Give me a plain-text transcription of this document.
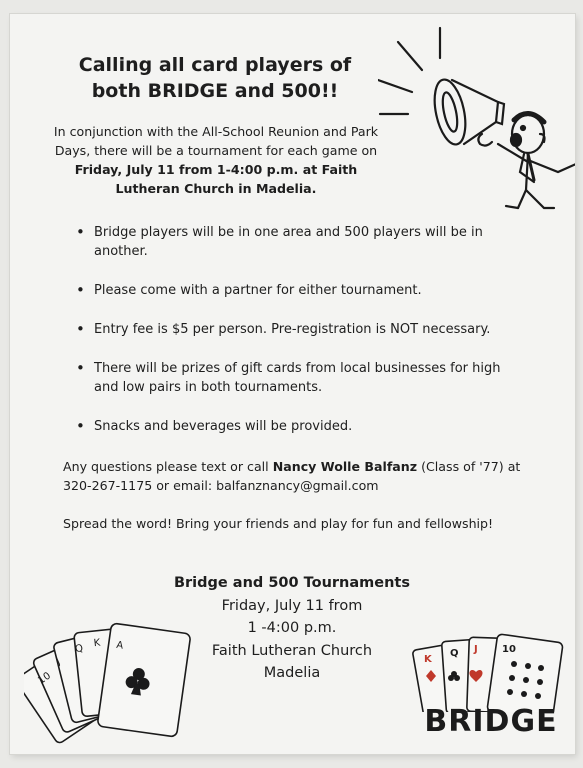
Calling all card players of
both BRIDGE and 500!!
In conjunction with the All-School Reunion and Park Days, there will be a tournament for each game on Friday, July 11 from 1-4:00 p.m. at Faith Lutheran Church in Madelia.
• Bridge players will be in one area and 500 players will be in another.
• Please come with a partner for either tournament.
• Entry fee is $5 per person. Pre-registration is NOT necessary.
• There will be prizes of gift cards from local businesses for high and low pairs in both tournaments.
• Snacks and beverages will be provided.
Any questions please text or call Nancy Wolle Balfanz (Class of '77) at 320-267-1175 or email: balfanznancy@gmail.com
Spread the word! Bring your friends and play for fun and fellowship!
Bridge and 500 Tournaments
Friday, July 11 from
1 -4:00 p.m.
Faith Lutheran Church
Madelia
10
J
Q K A
K
Q J 10
BRIDGE
